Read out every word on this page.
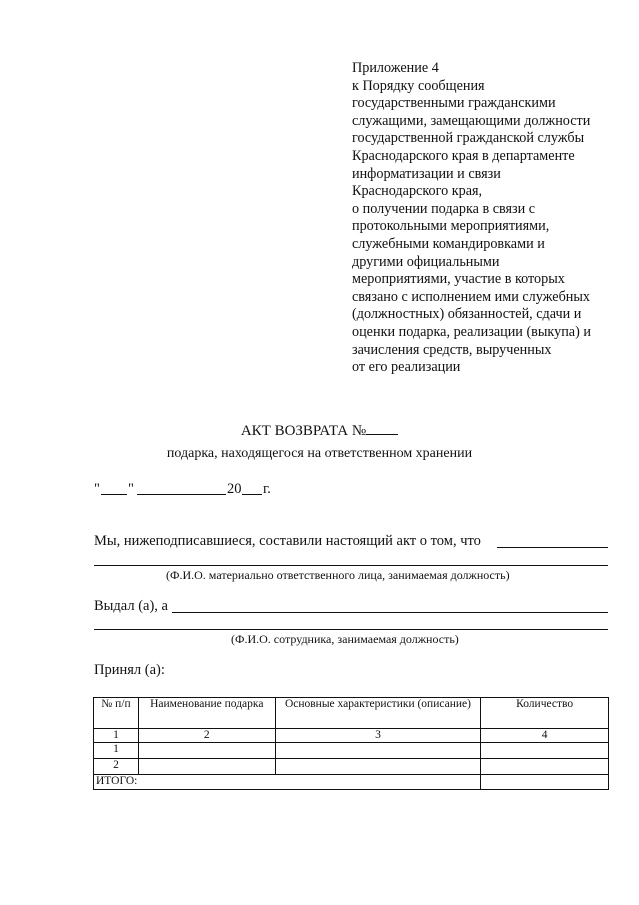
Приложение 4
к Порядку сообщения
государственными гражданскими
служащими, замещающими должности
государственной гражданской службы
Краснодарского края в департаменте
информатизации и связи
Краснодарского края,
о получении подарка в связи с
протокольными мероприятиями,
служебными командировками и
другими официальными
мероприятиями, участие в которых
связано с исполнением ими служебных
(должностных) обязанностей, сдачи и
оценки подарка, реализации (выкупа) и
зачисления средств, вырученных
от его реализации
АКТ ВОЗВРАТА №
подарка, находящегося на ответственном хранении
" "	20 г.
Мы, нижеподписавшиеся, составили настоящий акт о том, что
(Ф.И.О. материально ответственного лица, занимаемая должность)
Выдал (а), а
(Ф.И.О. сотрудника, занимаемая должность)
Принял (а):
№ п/п	Наименование подарка	Основные характеристики (описание)	Количество
1	2	3	4
1			
2			
ИТОГО:			
